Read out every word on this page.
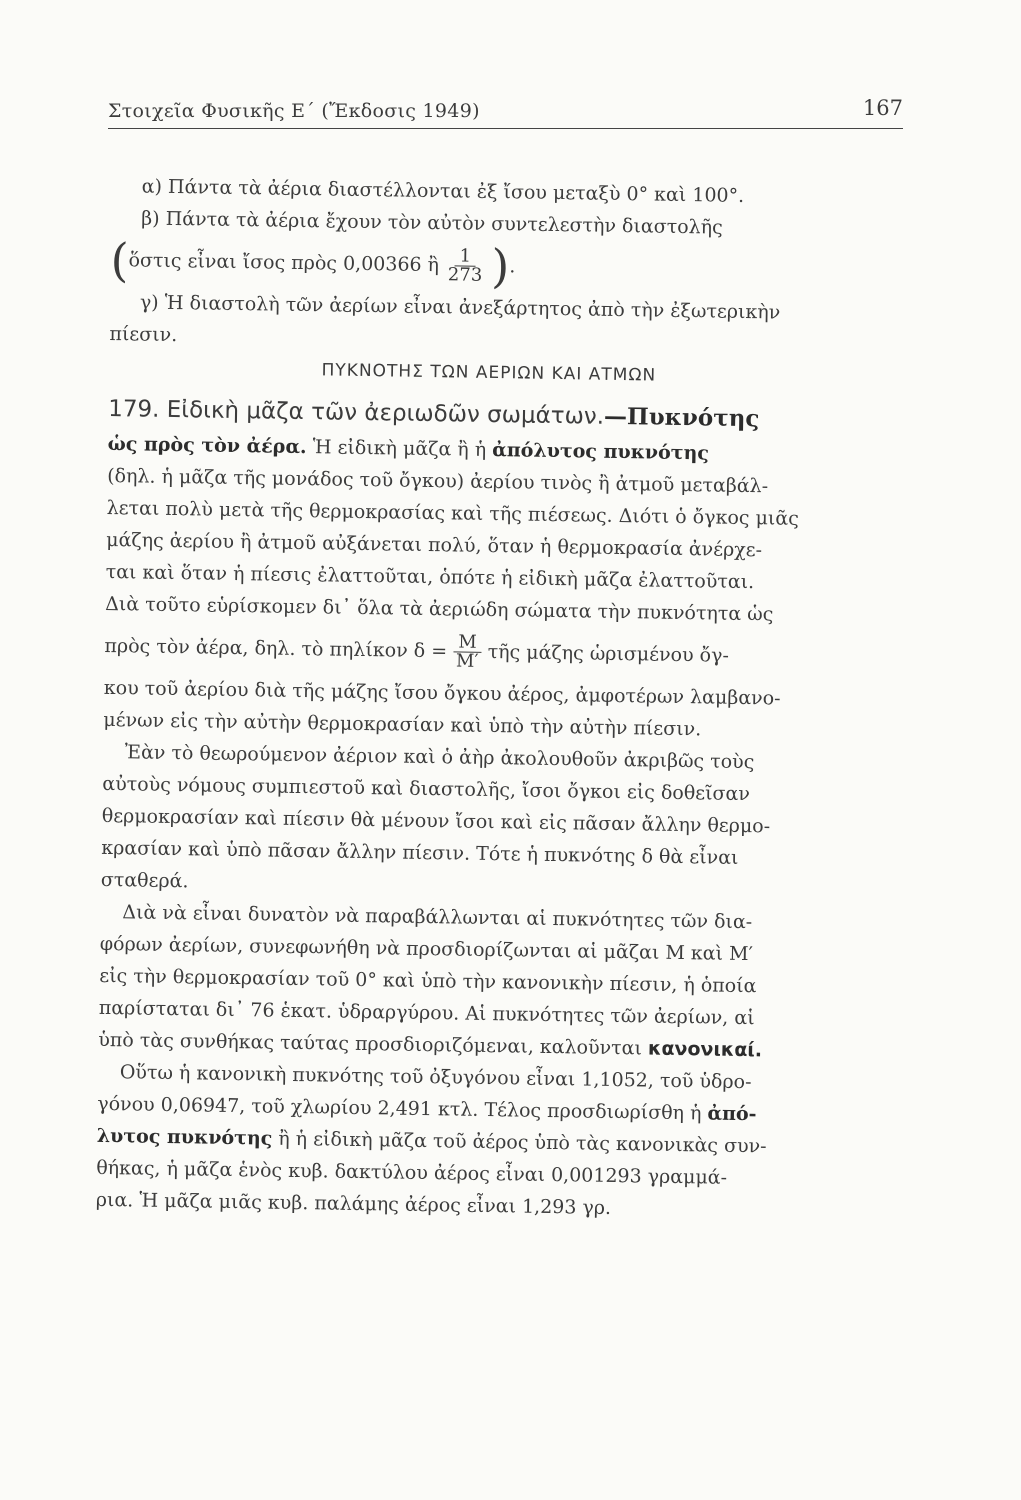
Στοιχεῖα Φυσικῆς Ε΄ (Ἔκδοσις 1949)	167
α) Πάντα τὰ ἀέρια διαστέλλονται ἐξ ἴσου μεταξὺ 0° καὶ 100°.
β) Πάντα τὰ ἀέρια ἔχουν τὸν αὐτὸν συντελεστὴν διαστολῆς
( ὅστις εἶναι ἴσος πρὸς 0,00366 ἢ $\frac{1}{273}$ ) .
γ) Ἡ διαστολὴ τῶν ἀερίων εἶναι ἀνεξάρτητος ἀπὸ τὴν ἐξωτερικὴν
πίεσιν.
ΠΥΚΝΟΤΗΣ ΤΩΝ ΑΕΡΙΩΝ ΚΑΙ ΑΤΜΩΝ
179. Εἰδικὴ μᾶζα τῶν ἀεριωδῶν σωμάτων.—Πυκνότης
ὡς πρὸς τὸν ἀέρα. Ἡ εἰδικὴ μᾶζα ἢ ἡ ἀπόλυτος πυκνότης
(δηλ. ἡ μᾶζα τῆς μονάδος τοῦ ὄγκου) ἀερίου τινὸς ἢ ἀτμοῦ μεταβάλ-
λεται πολὺ μετὰ τῆς θερμοκρασίας καὶ τῆς πιέσεως. Διότι ὁ ὄγκος μιᾶς
μάζης ἀερίου ἢ ἀτμοῦ αὐξάνεται πολύ, ὅταν ἡ θερμοκρασία ἀνέρχε-
ται καὶ ὅταν ἡ πίεσις ἐλαττοῦται, ὁπότε ἡ εἰδικὴ μᾶζα ἐλαττοῦται.
Διὰ τοῦτο εὑρίσκομεν δι᾿ ὅλα τὰ ἀεριώδη σώματα τὴν πυκνότητα ὡς
πρὸς τὸν ἀέρα, δηλ. τὸ πηλίκον $\delta = \frac{M}{M'}$ τῆς μάζης ὡρισμένου ὄγ-
κου τοῦ ἀερίου διὰ τῆς μάζης ἴσου ὄγκου ἀέρος, ἀμφοτέρων λαμβανο-
μένων εἰς τὴν αὐτὴν θερμοκρασίαν καὶ ὑπὸ τὴν αὐτὴν πίεσιν.
Ἐὰν τὸ θεωρούμενον ἀέριον καὶ ὁ ἀὴρ ἀκολουθοῦν ἀκριβῶς τοὺς
αὐτοὺς νόμους συμπιεστοῦ καὶ διαστολῆς, ἴσοι ὄγκοι εἰς δοθεῖσαν
θερμοκρασίαν καὶ πίεσιν θὰ μένουν ἴσοι καὶ εἰς πᾶσαν ἄλλην θερμο-
κρασίαν καὶ ὑπὸ πᾶσαν ἄλλην πίεσιν. Τότε ἡ πυκνότης δ θὰ εἶναι
σταθερά.
Διὰ νὰ εἶναι δυνατὸν νὰ παραβάλλωνται αἱ πυκνότητες τῶν δια-
φόρων ἀερίων, συνεφωνήθη νὰ προσδιορίζωνται αἱ μᾶζαι M καὶ M′
εἰς τὴν θερμοκρασίαν τοῦ 0° καὶ ὑπὸ τὴν κανονικὴν πίεσιν, ἡ ὁποία
παρίσταται δι᾿ 76 ἑκατ. ὑδραργύρου. Αἱ πυκνότητες τῶν ἀερίων, αἱ
ὑπὸ τὰς συνθήκας ταύτας προσδιοριζόμεναι, καλοῦνται κανονικαί.
Οὕτω ἡ κανονικὴ πυκνότης τοῦ ὀξυγόνου εἶναι 1,1052, τοῦ ὑδρο-
γόνου 0,06947, τοῦ χλωρίου 2,491 κτλ. Τέλος προσδιωρίσθη ἡ ἀπό-
λυτος πυκνότης ἢ ἡ εἰδικὴ μᾶζα τοῦ ἀέρος ὑπὸ τὰς κανονικὰς συν-
θήκας, ἡ μᾶζα ἑνὸς κυβ. δακτύλου ἀέρος εἶναι 0,001293 γραμμά-
ρια. Ἡ μᾶζα μιᾶς κυβ. παλάμης ἀέρος εἶναι 1,293 γρ.
